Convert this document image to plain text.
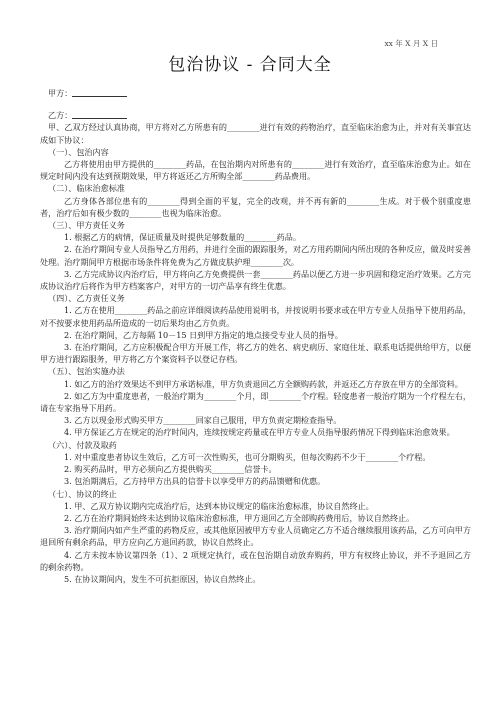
xx 年 X 月 X 日
包治协议 - 合同大全

甲方：

乙方：

甲、乙双方经过认真协商，甲方将对乙方所患有的________进行有效的药物治疗，直至临床治愈为止，并对有关事宜达成如下协议：

（一）、包治内容

乙方将使用由甲方提供的________药品，在包治期内对所患有的________进行有效治疗，直至临床治愈为止。如在规定时间内没有达到预期效果，甲方将返还乙方所购全部________药品费用。

（二）、临床治愈标准

乙方身体各部位患有的________得到全面的平复，完全的改观，并不再有新的________生成。对于极个别重度患者，治疗后如有极少数的________也视为临床治愈。

（三）、甲方责任义务

1. 根据乙方的病情，保证质量及时提供足够数量的________药品。

2. 在治疗期间专业人员指导乙方用药，并进行全面的跟踪服务，对乙方用药期间内所出现的各种反应，做及时妥善处理。治疗期间甲方根据市场条件将免费为乙方做皮肤护理________次。

3. 乙方完成协议内治疗后，甲方将向乙方免费提供一套________药品以便乙方进一步巩固和稳定治疗效果。乙方完成协议治疗后将作为甲方档案客户，对甲方的一切产品享有终生优惠。

（四）、乙方责任义务

1. 乙方在使用________药品之前应详细阅读药品使用说明书，并按说明书要求或在甲方专业人员指导下使用药品，对不按要求使用药品所造成的一切后果均由乙方负责。

2. 在治疗期间，乙方每隔 10－15 日到甲方指定的地点接受专业人员的指导。

3. 在治疗期间，乙方应积极配合甲方开展工作，将乙方的姓名、病史病历、家庭住址、联系电话提供给甲方，以便甲方进行跟踪服务，甲方将乙方个案资料予以登记存档。

（五）、包治实施办法

1. 如乙方的治疗效果达不到甲方承诺标准，甲方负责退回乙方全额购药款，并返还乙方存放在甲方的全部资料。

2. 如乙方为中重度患者，一般治疗期为________个月，即________个疗程。轻度患者一般治疗期为一个疗程左右，请在专家指导下用药。

3. 乙方以现金形式购买甲方________回家自己服用，甲方负责定期检查指导。

4. 甲方保证乙方在规定的治疗时间内，连续按规定药量或在甲方专业人员指导服药情况下得到临床治愈效果。

（六）、付款及取药

1. 对中重度患者协议生效后，乙方可一次性购买，也可分期购买，但每次购药不少于________个疗程。

2. 购买药品时，甲方必须向乙方提供购买________信誉卡。

3. 包治期满后，乙方持甲方出具的信誉卡以享受甲方的药品馈赠和优惠。

（七）、协议的终止

1. 甲、乙双方协议期内完成治疗后，达到本协议规定的临床治愈标准，协议自然终止。

2. 乙方在治疗期间始终未达到协议临床治愈标准，甲方退回乙方全部购药费用后，协议自然终止。

3. 治疗期间内如产生严重的药物反应，或其他原因被甲方专业人员确定乙方不适合继续服用该药品，乙方可向甲方退回所有剩余药品，甲方应向乙方退回药款，协议自然终止。

4. 乙方未按本协议第四条（1）、2 项规定执行，或在包治期自动放弃购药，甲方有权终止协议，并不予退回乙方的剩余药物。

5. 在协议期间内，发生不可抗拒原因，协议自然终止。
